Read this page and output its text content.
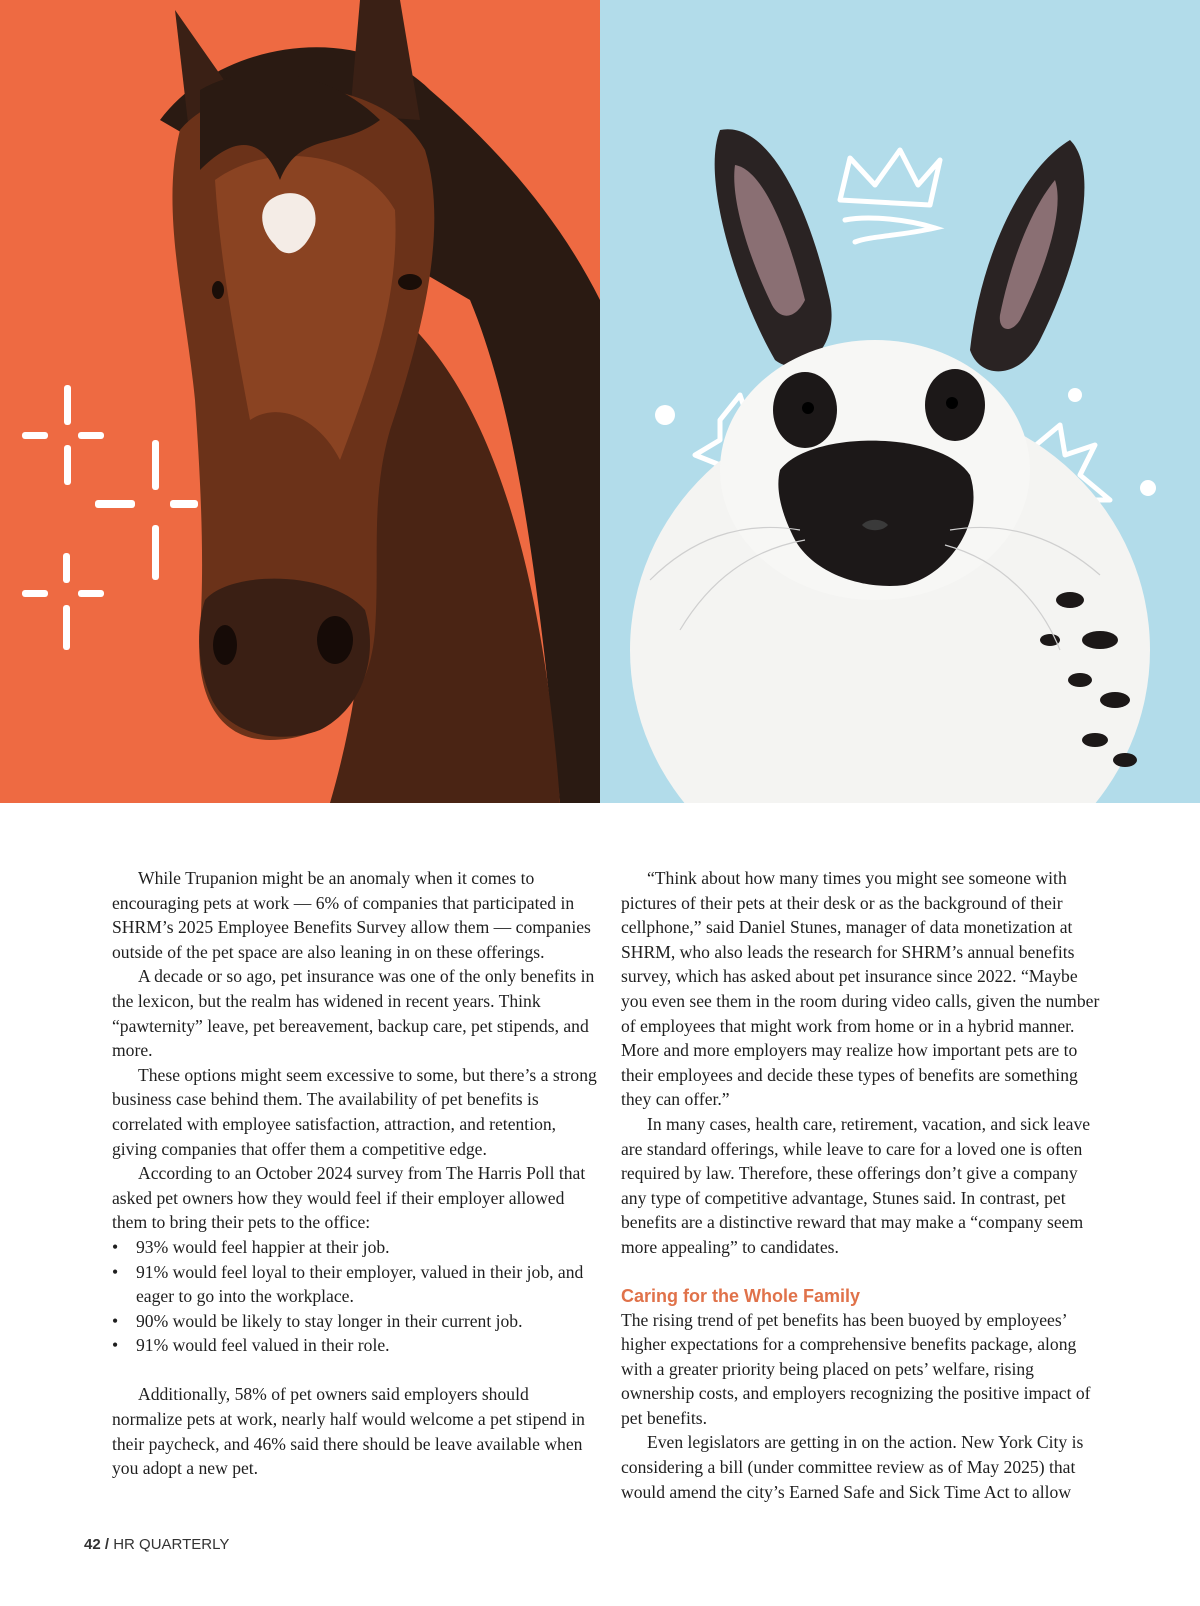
While Trupanion might be an anomaly when it comes to encouraging pets at work — 6% of companies that participated in SHRM’s 2025 Employee Benefits Survey allow them — companies outside of the pet space are also leaning in on these offerings.

A decade or so ago, pet insurance was one of the only benefits in the lexicon, but the realm has widened in recent years. Think “pawternity” leave, pet bereavement, backup care, pet stipends, and more.

These options might seem excessive to some, but there’s a strong business case behind them. The availability of pet benefits is correlated with employee satisfaction, attraction, and retention, giving companies that offer them a competitive edge.

According to an October 2024 survey from The Harris Poll that asked pet owners how they would feel if their employer allowed them to bring their pets to the office:

• 93% would feel happier at their job.
• 91% would feel loyal to their employer, valued in their job, and eager to go into the workplace.
• 90% would be likely to stay longer in their current job.
• 91% would feel valued in their role.

Additionally, 58% of pet owners said employers should normalize pets at work, nearly half would welcome a pet stipend in their paycheck, and 46% said there should be leave available when you adopt a new pet.

“Think about how many times you might see someone with pictures of their pets at their desk or as the background of their cellphone,” said Daniel Stunes, manager of data monetization at SHRM, who also leads the research for SHRM’s annual benefits survey, which has asked about pet insurance since 2022. “Maybe you even see them in the room during video calls, given the number of employees that might work from home or in a hybrid manner. More and more employers may realize how important pets are to their employees and decide these types of benefits are something they can offer.”

In many cases, health care, retirement, vacation, and sick leave are standard offerings, while leave to care for a loved one is often required by law. Therefore, these offerings don’t give a company any type of competitive advantage, Stunes said. In contrast, pet benefits are a distinctive reward that may make a “company seem more appealing” to candidates.

Caring for the Whole Family

The rising trend of pet benefits has been buoyed by employees’ higher expectations for a comprehensive benefits package, along with a greater priority being placed on pets’ welfare, rising ownership costs, and employers recognizing the positive impact of pet benefits.

Even legislators are getting in on the action. New York City is considering a bill (under committee review as of May 2025) that would amend the city’s Earned Safe and Sick Time Act to allow

42 / HR QUARTERLY
